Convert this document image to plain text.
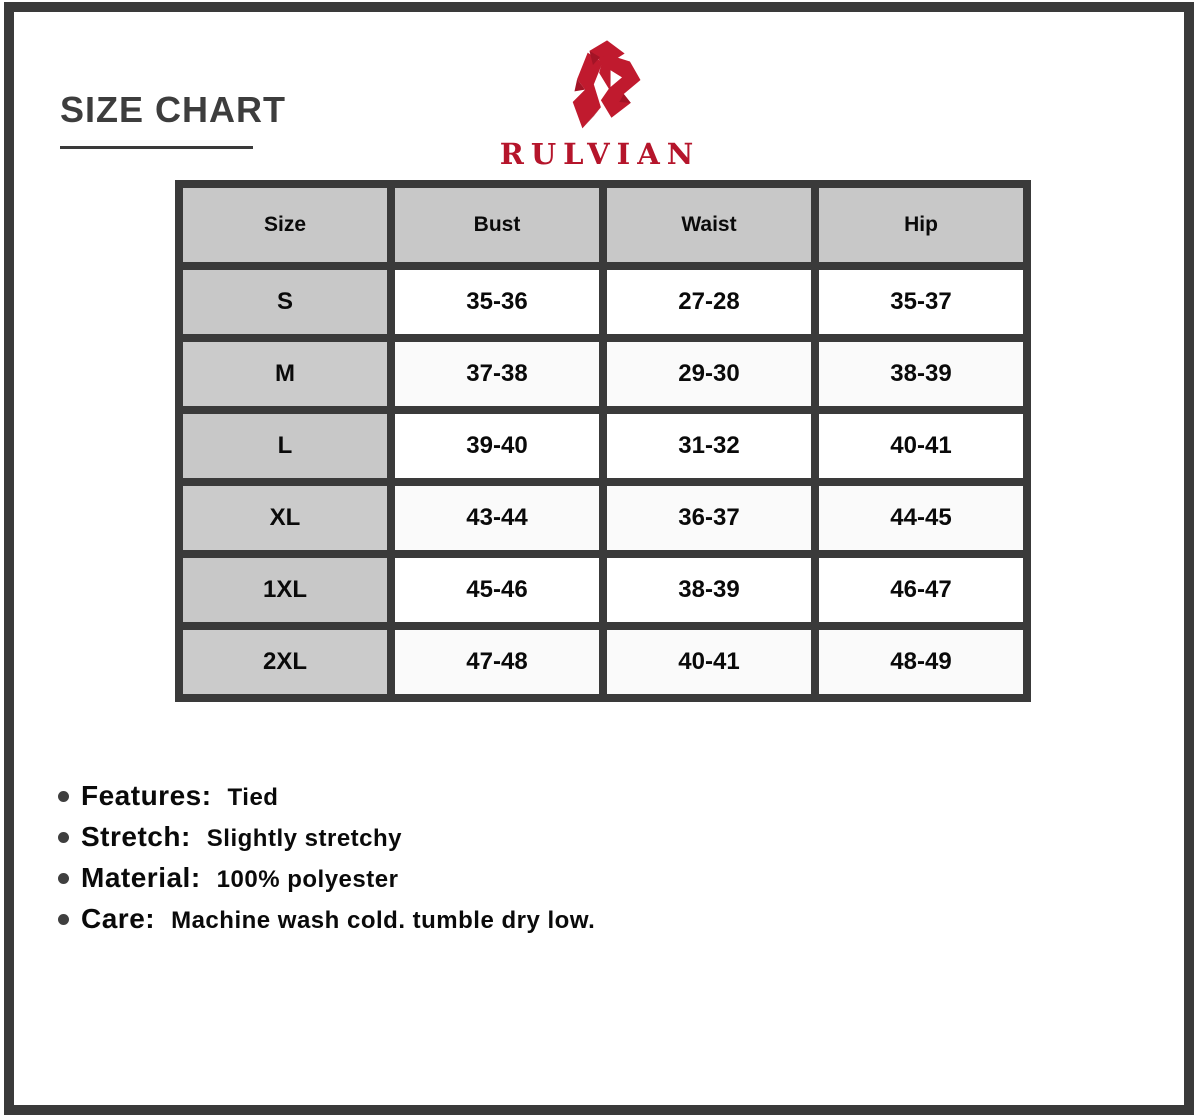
SIZE CHART
RULVIAN
Size	Bust	Waist	Hip
S	35-36	27-28	35-37
M	37-38	29-30	38-39
L	39-40	31-32	40-41
XL	43-44	36-37	44-45
1XL	45-46	38-39	46-47
2XL	47-48	40-41	48-49
Features: Tied
Stretch: Slightly stretchy
Material: 100% polyester
Care: Machine wash cold. tumble dry low.
